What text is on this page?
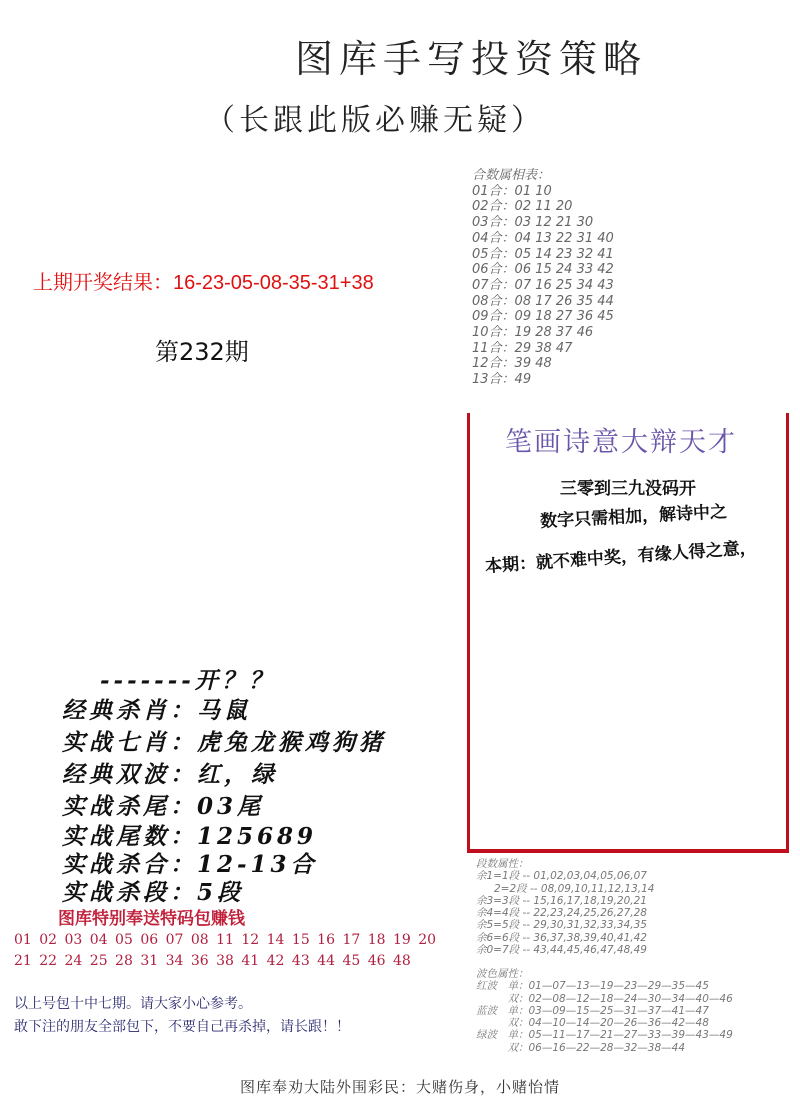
图库手写投资策略
（长跟此版必赚无疑）
上期开奖结果：16-23-05-08-35-31+38
第232期
合数属相表：
01合：01 10
02合：02 11 20
03合：03 12 21 30
04合：04 13 22 31 40
05合：05 14 23 32 41
06合：06 15 24 33 42
07合：07 16 25 34 43
08合：08 17 26 35 44
09合：09 18 27 36 45
10合：19 28 37 46
11合：29 38 47
12合：39 48
13合：49
笔画诗意大辩天才
三零到三九没码开
数字只需相加，解诗中之
本期：就不难中奖，有缘人得之意，
-------开？？
经典杀肖：马鼠
实战七肖：虎兔龙猴鸡狗猪
经典双波：红，绿
实战杀尾：03尾
实战尾数：125689
实战杀合：12-13合
实战杀段：5段
图库特别奉送特码包赚钱
01 02 03 04 05 06 07 08 11 12 14 15 16 17 18 19 20
21 22 24 25 28 31 34 36 38 41 42 43 44 45 46 48
以上号包十中七期。请大家小心参考。
敢下注的朋友全部包下，不要自己再杀掉，请长跟！！
段数属性：
余1=1段 -- 01,02,03,04,05,06,07
2=2段 -- 08,09,10,11,12,13,14
余3=3段 -- 15,16,17,18,19,20,21
余4=4段 -- 22,23,24,25,26,27,28
余5=5段 -- 29,30,31,32,33,34,35
余6=6段 -- 36,37,38,39,40,41,42
余0=7段 -- 43,44,45,46,47,48,49
波色属性：
红波　单：01—07—13—19—23—29—35—45
　　　双：02—08—12—18—24—30—34—40—46
蓝波　单：03—09—15—25—31—37—41—47
　　　双：04—10—14—20—26—36—42—48
绿波　单：05—11—17—21—27—33—39—43—49
　　　双：06—16—22—28—32—38—44
图库奉劝大陆外围彩民：大赌伤身，小赌怡情
